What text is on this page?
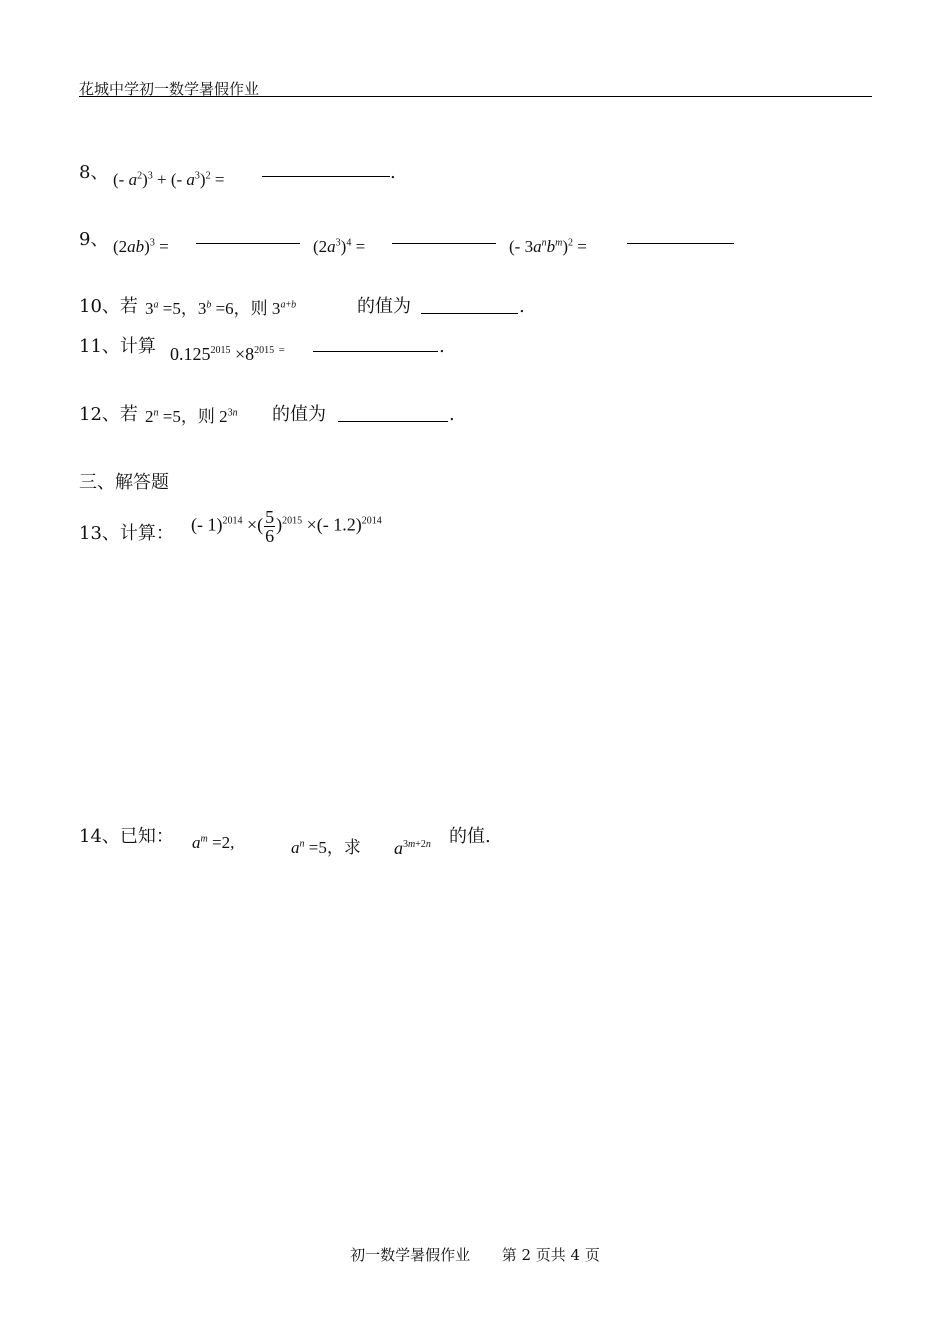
花城中学初一数学暑假作业
8、 (- $a^2)^3$ + (- $a^3)^2$ =	.
9、 $(2ab)^3$ =	$(2a^3)^4$ =	(- $3a^nb^m)^2$ =
10、若 $3^a =5$，$3^b =6$，则 $3^{a+b}$	的值为	.
11、计算 $0.125^{2015} \times 8^{2015}$ =	.
12、若 $2^n =5$，则 $2^{3n}$ 的值为	.
三、解答题
13、计算： (- 1)$^{2014}$ ×( $\frac{5}{6} )^{2015}$ ×(- 1.2)$^{2014}$
14、已知： $a^m =2$,	$a^n =5$，求 $a^{3m+2n}$ 的值.
初一数学暑假作业 第 2 页共 4 页
